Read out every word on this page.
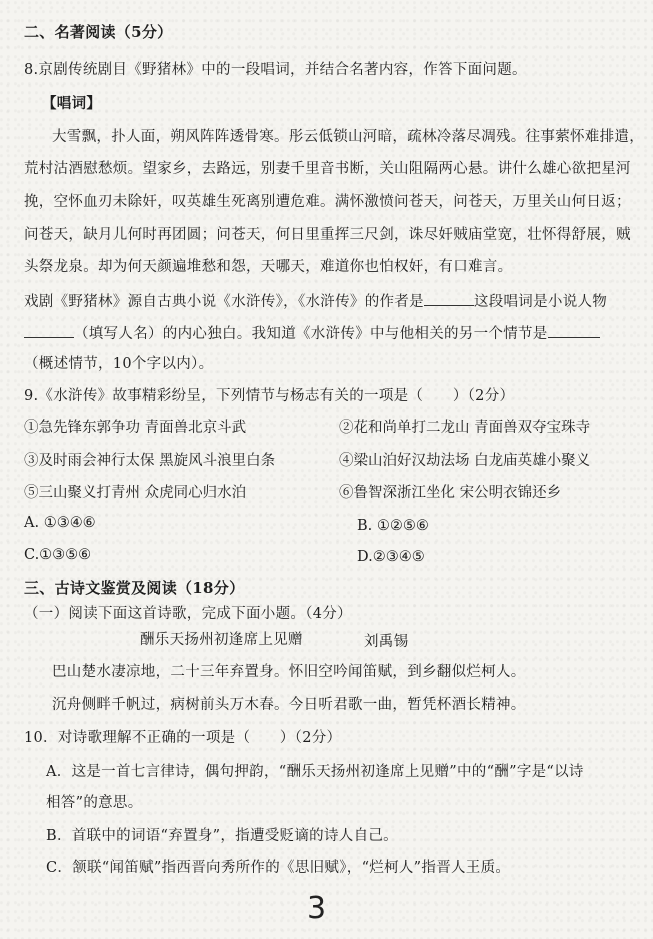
二、名著阅读（5分）
8.京剧传统剧目《野猪林》中的一段唱词，并结合名著内容，作答下面问题。
【唱词】
大雪飘，扑人面，朔风阵阵透骨寒。彤云低锁山河暗，疏林冷落尽凋残。往事萦怀难排遣，
荒村沽酒慰愁烦。望家乡，去路远，别妻千里音书断，关山阻隔两心悬。讲什么雄心欲把星河
挽，空怀血刃未除奸，叹英雄生死离别遭危难。满怀激愤问苍天，问苍天，万里关山何日返；
问苍天，缺月儿何时再团圆；问苍天，何日里重挥三尺剑，诛尽奸贼庙堂宽，壮怀得舒展，贼
头祭龙泉。却为何天颜遍堆愁和怨，天哪天，难道你也怕权奸，有口难言。
戏剧《野猪林》源自古典小说《水浒传》，《水浒传》的作者是	这段唱词是小说人物
（填写人名）的内心独白。我知道《水浒传》中与他相关的另一个情节是
（概述情节，10个字以内）。
9.《水浒传》故事精彩纷呈，下列情节与杨志有关的一项是（　　）（2分）
①急先锋东郭争功 青面兽北京斗武	②花和尚单打二龙山 青面兽双夺宝珠寺
③及时雨会神行太保 黑旋风斗浪里白条	④梁山泊好汉劫法场 白龙庙英雄小聚义
⑤三山聚义打青州 众虎同心归水泊	⑥鲁智深浙江坐化 宋公明衣锦还乡
A. ①③④⑥	B. ①②⑤⑥
C.①③⑤⑥	D.②③④⑤
三、古诗文鉴赏及阅读（18分）
（一）阅读下面这首诗歌，完成下面小题。（4分）
酬乐天扬州初逢席上见赠	刘禹锡
巴山楚水凄凉地，二十三年弃置身。怀旧空吟闻笛赋，到乡翻似烂柯人。
沉舟侧畔千帆过，病树前头万木春。今日听君歌一曲，暂凭杯酒长精神。
10．对诗歌理解不正确的一项是（　　）（2分）
A．这是一首七言律诗，偶句押韵，“酬乐天扬州初逢席上见赠”中的“酬”字是“以诗
相答”的意思。
B．首联中的词语“弃置身”，指遭受贬谪的诗人自己。
C．颔联“闻笛赋”指西晋向秀所作的《思旧赋》，“烂柯人”指晋人王质。
3
